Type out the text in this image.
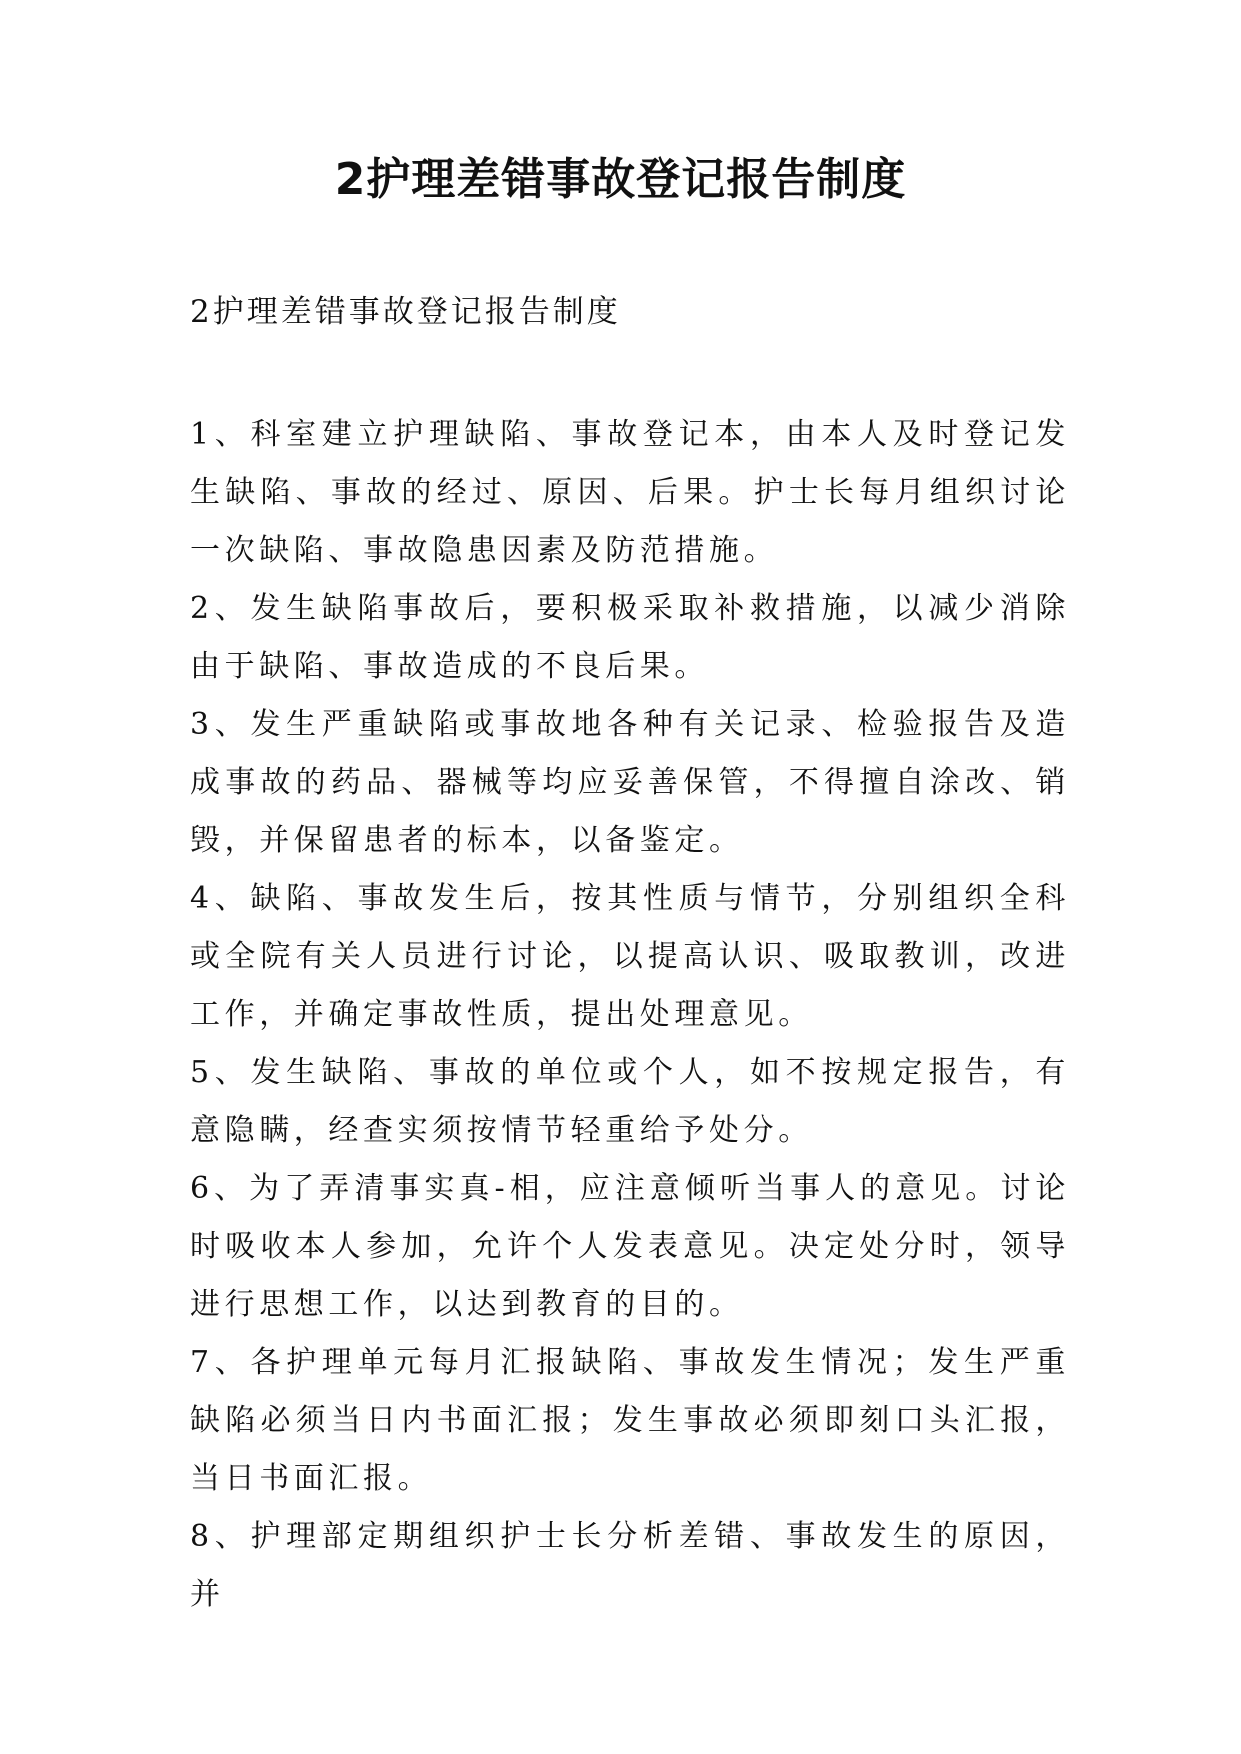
2护理差错事故登记报告制度

2护理差错事故登记报告制度

1、科室建立护理缺陷、事故登记本，由本人及时登记发生缺陷、事故的经过、原因、后果。护士长每月组织讨论一次缺陷、事故隐患因素及防范措施。

2、发生缺陷事故后，要积极采取补救措施，以减少消除由于缺陷、事故造成的不良后果。

3、发生严重缺陷或事故地各种有关记录、检验报告及造成事故的药品、器械等均应妥善保管，不得擅自涂改、销毁，并保留患者的标本，以备鉴定。

4、缺陷、事故发生后，按其性质与情节，分别组织全科或全院有关人员进行讨论，以提高认识、吸取教训，改进工作，并确定事故性质，提出处理意见。

5、发生缺陷、事故的单位或个人，如不按规定报告，有意隐瞒，经查实须按情节轻重给予处分。

6、为了弄清事实真-相，应注意倾听当事人的意见。讨论时吸收本人参加，允许个人发表意见。决定处分时，领导进行思想工作，以达到教育的目的。

7、各护理单元每月汇报缺陷、事故发生情况；发生严重缺陷必须当日内书面汇报；发生事故必须即刻口头汇报，当日书面汇报。

8、护理部定期组织护士长分析差错、事故发生的原因，并
